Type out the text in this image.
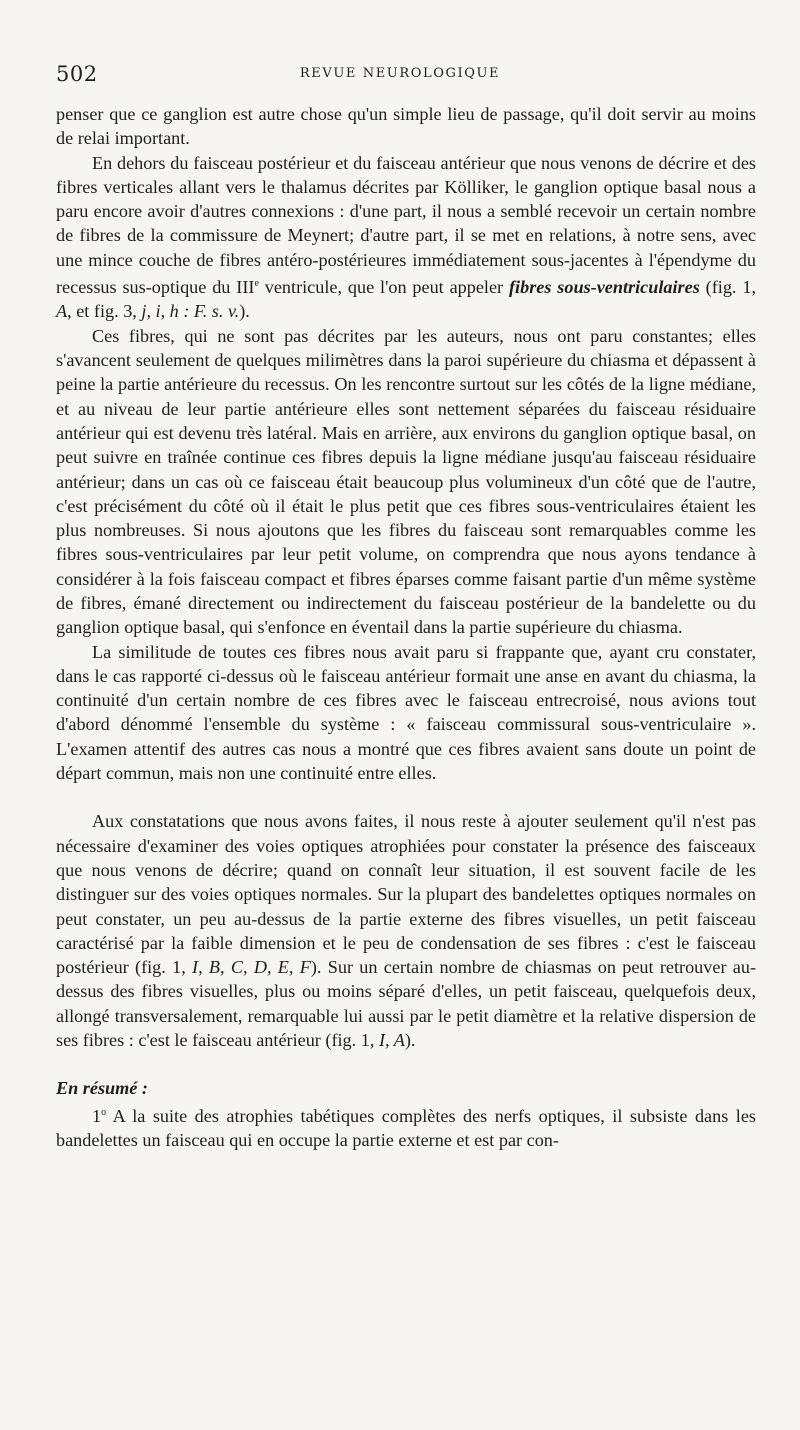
502	REVUE NEUROLOGIQUE

penser que ce ganglion est autre chose qu'un simple lieu de passage, qu'il doit servir au moins de relai important.

En dehors du faisceau postérieur et du faisceau antérieur que nous venons de décrire et des fibres verticales allant vers le thalamus décrites par Kölliker, le ganglion optique basal nous a paru encore avoir d'autres connexions : d'une part, il nous a semblé recevoir un certain nombre de fibres de la commissure de Meynert; d'autre part, il se met en relations, à notre sens, avec une mince couche de fibres antéro-postérieures immédiatement sous-jacentes à l'épendyme du recessus sus-optique du IIIe ventricule, que l'on peut appeler fibres sous-ventriculaires (fig. 1, A, et fig. 3, j, i, h : F. s. v.).

Ces fibres, qui ne sont pas décrites par les auteurs, nous ont paru constantes; elles s'avancent seulement de quelques milimètres dans la paroi supérieure du chiasma et dépassent à peine la partie antérieure du recessus. On les rencontre surtout sur les côtés de la ligne médiane, et au niveau de leur partie antérieure elles sont nettement séparées du faisceau résiduaire antérieur qui est devenu très latéral. Mais en arrière, aux environs du ganglion optique basal, on peut suivre en traînée continue ces fibres depuis la ligne médiane jusqu'au faisceau résiduaire antérieur; dans un cas où ce faisceau était beaucoup plus volumineux d'un côté que de l'autre, c'est précisément du côté où il était le plus petit que ces fibres sous-ventriculaires étaient les plus nombreuses. Si nous ajoutons que les fibres du faisceau sont remarquables comme les fibres sous-ventriculaires par leur petit volume, on comprendra que nous ayons tendance à considérer à la fois faisceau compact et fibres éparses comme faisant partie d'un même système de fibres, émané directement ou indirectement du faisceau postérieur de la bandelette ou du ganglion optique basal, qui s'enfonce en éventail dans la partie supérieure du chiasma.

La similitude de toutes ces fibres nous avait paru si frappante que, ayant cru constater, dans le cas rapporté ci-dessus où le faisceau antérieur formait une anse en avant du chiasma, la continuité d'un certain nombre de ces fibres avec le faisceau entrecroisé, nous avions tout d'abord dénommé l'ensemble du système : « faisceau commissural sous-ventriculaire ». L'examen attentif des autres cas nous a montré que ces fibres avaient sans doute un point de départ commun, mais non une continuité entre elles.

Aux constatations que nous avons faites, il nous reste à ajouter seulement qu'il n'est pas nécessaire d'examiner des voies optiques atrophiées pour constater la présence des faisceaux que nous venons de décrire; quand on connaît leur situation, il est souvent facile de les distinguer sur des voies optiques normales. Sur la plupart des bandelettes optiques normales on peut constater, un peu au-dessus de la partie externe des fibres visuelles, un petit faisceau caractérisé par la faible dimension et le peu de condensation de ses fibres : c'est le faisceau postérieur (fig. 1, I, B, C, D, E, F). Sur un certain nombre de chiasmas on peut retrouver au-dessus des fibres visuelles, plus ou moins séparé d'elles, un petit faisceau, quelquefois deux, allongé transversalement, remarquable lui aussi par le petit diamètre et la relative dispersion de ses fibres : c'est le faisceau antérieur (fig. 1, I, A).

En résumé :

1$^o$ A la suite des atrophies tabétiques complètes des nerfs optiques, il subsiste dans les bandelettes un faisceau qui en occupe la partie externe et est par con-
